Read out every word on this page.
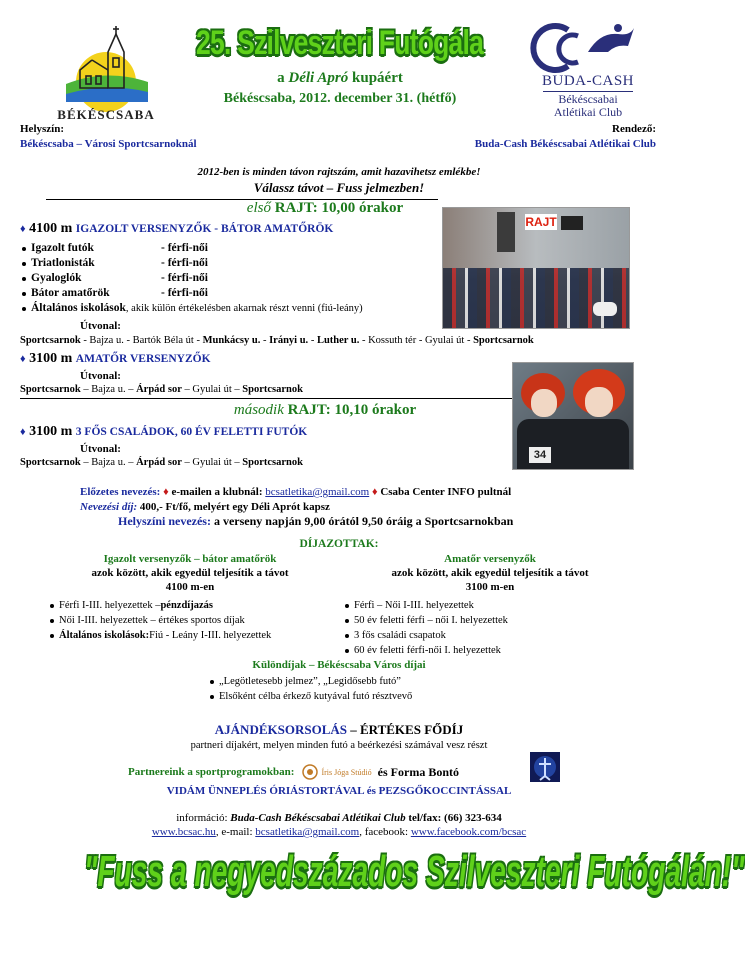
BÉKÉSCSABA
BUDA-CASH
Békéscsabai
Atlétikai Club
25. Szilveszteri Futógála
a Déli Apró kupáért
Békéscsaba, 2012. december 31. (hétfő)
Helyszín:
Békéscsaba – Városi Sportcsarnoknál
Rendező:
Buda-Cash Békéscsabai Atlétikai Club
2012-ben is minden távon rajtszám, amit hazavihetsz emlékbe!
Válassz távot – Fuss jelmezben!
első RAJT: 10,00 órakor
♦ 4100 m IGAZOLT VERSENYZŐK - BÁTOR AMATŐRÖK
Igazolt futók	- férfi-női
Triatlonisták	- férfi-női
Gyaloglók	- férfi-női
Bátor amatőrök	- férfi-női
Általános iskolások , akik külön értékelésben akarnak részt venni (fiú-leány)
Útvonal:
Sportcsarnok - Bajza u. - Bartók Béla út - Munkácsy u. - Irányi u. - Luther u. - Kossuth tér - Gyulai út - Sportcsarnok
RAJT
♦ 3100 m AMATŐR VERSENYZŐK
Útvonal:
Sportcsarnok – Bajza u. – Árpád sor – Gyulai út – Sportcsarnok
második RAJT: 10,10 órakor
♦ 3100 m 3 FŐS CSALÁDOK, 60 ÉV FELETTI FUTÓK
Útvonal:
Sportcsarnok – Bajza u. – Árpád sor – Gyulai út – Sportcsarnok
34
Előzetes nevezés: ♦ e-mailen a klubnál: bcsatletika@gmail.com ♦ Csaba Center INFO pultnál
Nevezési díj: 400,- Ft/fő, melyért egy Déli Aprót kapsz
Helyszíni nevezés: a verseny napján 9,00 órától 9,50 óráig a Sportcsarnokban
DÍJAZOTTAK:
Igazolt versenyzők – bátor amatőrök
azok között, akik egyedül teljesítik a távot
4100 m-en
Amatőr versenyzők
azok között, akik egyedül teljesítik a távot
3100 m-en
Férfi I-III. helyezettek – pénzdíjazás
Női I-III. helyezettek – értékes sportos díjak
Általános iskolások: Fiú - Leány I-III. helyezettek
Férfi – Női I-III. helyezettek
50 év feletti férfi – női I. helyezettek
3 fős családi csapatok
60 év feletti férfi-női I. helyezettek
Különdíjak – Békéscsaba Város díjai
„Legötletesebb jelmez”, „Legidősebb futó”
Elsőként célba érkező kutyával futó résztvevő
AJÁNDÉKSORSOLÁS – ÉRTÉKES FŐDÍJ
partneri díjakért, melyen minden futó a beérkezési számával vesz részt
Partnereink a sportprogramokban:	Íris Jóga Stúdió és Forma Bontó
VIDÁM ÜNNEPLÉS ÓRIÁSTORTÁVAL és PEZSGŐKOCCINTÁSSAL
információ: Buda-Cash Békéscsabai Atlétikai Club tel/fax: (66) 323-634
www.bcsac.hu, e-mail: bcsatletika@gmail.com, facebook: www.facebook.com/bcsac
"Fuss a negyedszázados Szilveszteri Futógálán!"
